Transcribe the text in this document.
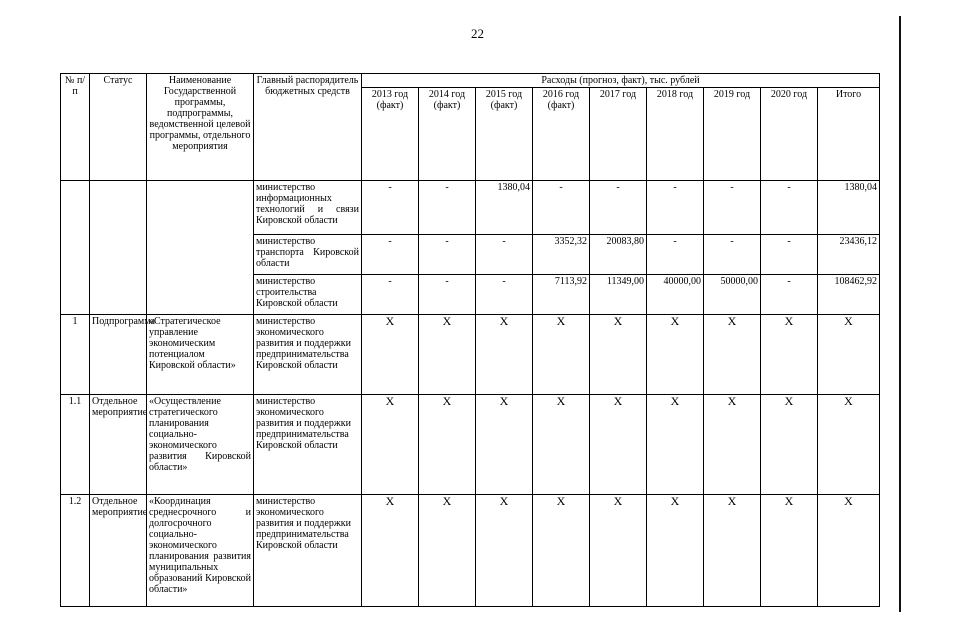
22
№ п/п	Статус	Наименование Государственной программы, подпрограммы, ведомственной целевой программы, отдельного мероприятия	Главный распорядитель бюджетных средств	Расходы (прогноз, факт), тыс. рублей								
				2013 год (факт)	2014 год (факт)	2015 год (факт)	2016 год (факт)	2017 год	2018 год	2019 год	2020 год	Итого
			министерство информационных технологий и связи Кировской области	-	-	1380,04	-	-	-	-	-	1380,04
			министерство транспорта Кировской области	-	-	-	3352,32	20083,80	-	-	-	23436,12
			министерство строительства Кировской области	-	-	-	7113,92	11349,00	40000,00	50000,00	-	108462,92
1	Подпрограмма	«Стратегическое управление экономическим потенциалом Кировской области»	министерство экономического развития и поддержки предпринимательства Кировской области	X	X	X	X	X	X	X	X	X
1.1	Отдельное мероприятие	«Осуществление стратегического планирования социально-экономического развития Кировской области»	министерство экономического развития и поддержки предпринимательства Кировской области	X	X	X	X	X	X	X	X	X
1.2	Отдельное мероприятие	«Координация среднесрочного и долгосрочного социально-экономического планирования развития муниципальных образований Кировской области»	министерство экономического развития и поддержки предпринимательства Кировской области	X	X	X	X	X	X	X	X	X
